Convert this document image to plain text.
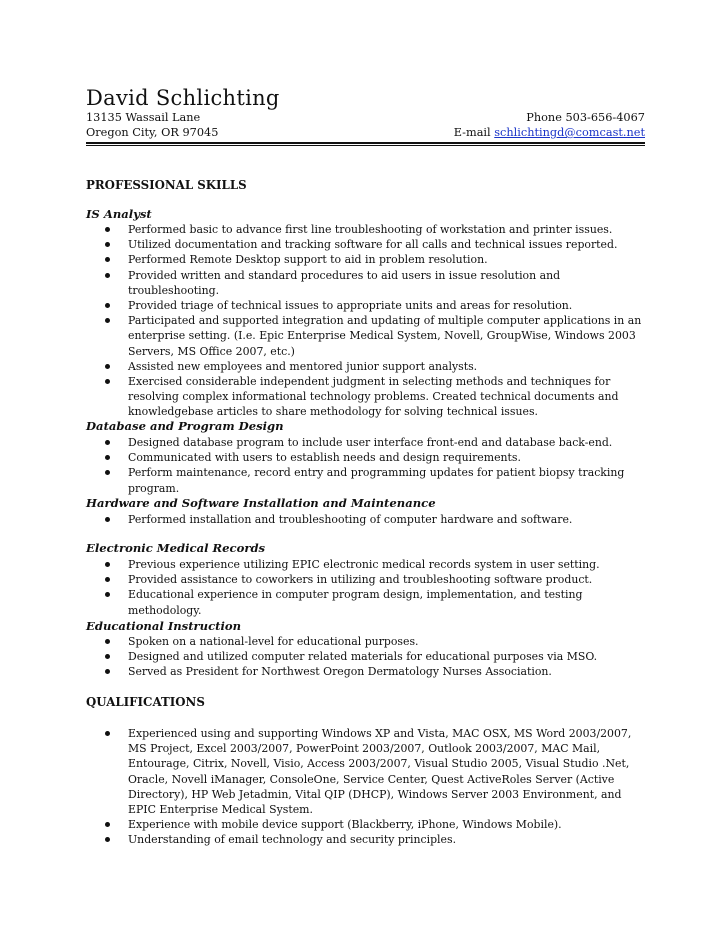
David Schlichting
13135 Wassail Lane	Phone 503-656-4067
Oregon City, OR 97045	E-mail schlichtingd@comcast.net
PROFESSIONAL SKILLS
IS Analyst
Performed basic to advance first line troubleshooting of workstation and printer issues.
Utilized documentation and tracking software for all calls and technical issues reported.
Performed Remote Desktop support to aid in problem resolution.
Provided written and standard procedures to aid users in issue resolution and troubleshooting.
Provided triage of technical issues to appropriate units and areas for resolution.
Participated and supported integration and updating of multiple computer applications in an enterprise setting. (I.e. Epic Enterprise Medical System, Novell, GroupWise, Windows 2003 Servers, MS Office 2007, etc.)
Assisted new employees and mentored junior support analysts.
Exercised considerable independent judgment in selecting methods and techniques for resolving complex informational technology problems. Created technical documents and knowledgebase articles to share methodology for solving technical issues.
Database and Program Design
Designed database program to include user interface front-end and database back-end.
Communicated with users to establish needs and design requirements.
Perform maintenance, record entry and programming updates for patient biopsy tracking program.
Hardware and Software Installation and Maintenance
Performed installation and troubleshooting of computer hardware and software.
Electronic Medical Records
Previous experience utilizing EPIC electronic medical records system in user setting.
Provided assistance to coworkers in utilizing and troubleshooting software product.
Educational experience in computer program design, implementation, and testing methodology.
Educational Instruction
Spoken on a national-level for educational purposes.
Designed and utilized computer related materials for educational purposes via MSO.
Served as President for Northwest Oregon Dermatology Nurses Association.
QUALIFICATIONS
Experienced using and supporting Windows XP and Vista, MAC OSX, MS Word 2003/2007, MS Project, Excel 2003/2007, PowerPoint 2003/2007, Outlook 2003/2007, MAC Mail, Entourage, Citrix, Novell, Visio, Access 2003/2007, Visual Studio 2005, Visual Studio .Net, Oracle, Novell iManager, ConsoleOne, Service Center, Quest ActiveRoles Server (Active Directory), HP Web Jetadmin, Vital QIP (DHCP), Windows Server 2003 Environment, and EPIC Enterprise Medical System.
Experience with mobile device support (Blackberry, iPhone, Windows Mobile).
Understanding of email technology and security principles.
